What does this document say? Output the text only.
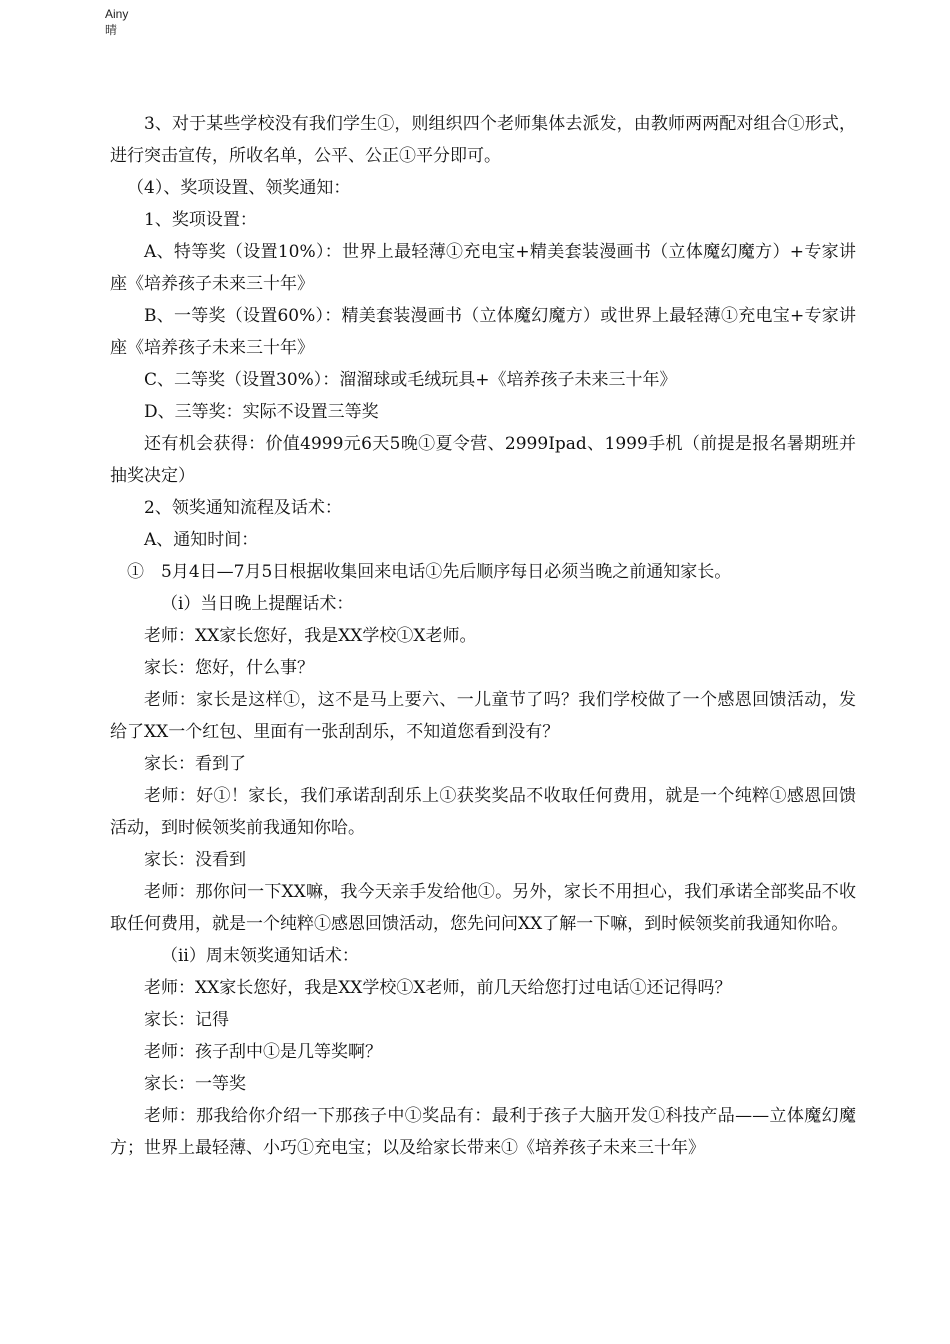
Ainy
晴

3、对于某些学校没有我们学生①，则组织四个老师集体去派发，由教师两两配对组合①形式，进行突击宣传，所收名单，公平、公正①平分即可。

（4）、奖项设置、领奖通知：

1、奖项设置：

A、特等奖（设置10%）：世界上最轻薄①充电宝+精美套装漫画书（立体魔幻魔方）+专家讲座《培养孩子未来三十年》

B、一等奖（设置60%）：精美套装漫画书（立体魔幻魔方）或世界上最轻薄①充电宝+专家讲座《培养孩子未来三十年》

C、二等奖（设置30%）：溜溜球或毛绒玩具+《培养孩子未来三十年》

D、三等奖：实际不设置三等奖

还有机会获得：价值4999元6天5晚①夏令营、2999Ipad、1999手机（前提是报名暑期班并抽奖决定）

2、领奖通知流程及话术：

A、通知时间：

①　5月4日—7月5日根据收集回来电话①先后顺序每日必须当晚之前通知家长。

（i）当日晚上提醒话术：

老师：XX家长您好，我是XX学校①X老师。

家长：您好，什么事？

老师：家长是这样①，这不是马上要六、一儿童节了吗？我们学校做了一个感恩回馈活动，发给了XX一个红包、里面有一张刮刮乐，不知道您看到没有？

家长：看到了

老师：好①！家长，我们承诺刮刮乐上①获奖奖品不收取任何费用，就是一个纯粹①感恩回馈活动，到时候领奖前我通知你哈。

家长：没看到

老师：那你问一下XX嘛，我今天亲手发给他①。另外，家长不用担心，我们承诺全部奖品不收取任何费用，就是一个纯粹①感恩回馈活动，您先问问XX了解一下嘛，到时候领奖前我通知你哈。

（ii）周末领奖通知话术：

老师：XX家长您好，我是XX学校①X老师，前几天给您打过电话①还记得吗？

家长：记得

老师：孩子刮中①是几等奖啊？

家长：一等奖

老师：那我给你介绍一下那孩子中①奖品有：最利于孩子大脑开发①科技产品——立体魔幻魔方；世界上最轻薄、小巧①充电宝；以及给家长带来①《培养孩子未来三十年》
